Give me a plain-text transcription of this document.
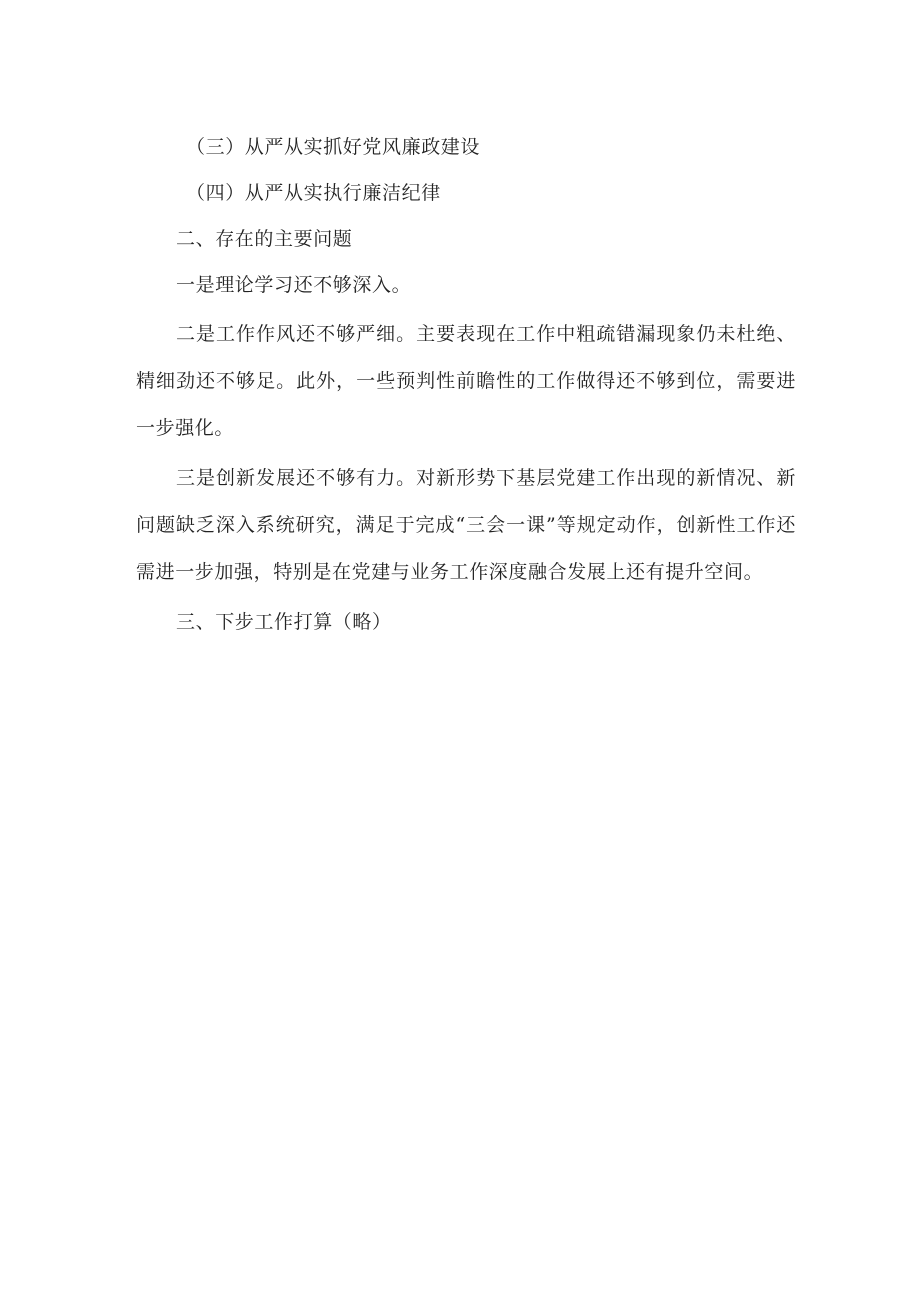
（三）从严从实抓好党风廉政建设

（四）从严从实执行廉洁纪律

二、存在的主要问题

一是理论学习还不够深入。

二是工作作风还不够严细。主要表现在工作中粗疏错漏现象仍未杜绝、精细劲还不够足。此外，一些预判性前瞻性的工作做得还不够到位，需要进一步强化。

三是创新发展还不够有力。对新形势下基层党建工作出现的新情况、新问题缺乏深入系统研究，满足于完成“三会一课”等规定动作，创新性工作还需进一步加强，特别是在党建与业务工作深度融合发展上还有提升空间。

三、下步工作打算（略）
